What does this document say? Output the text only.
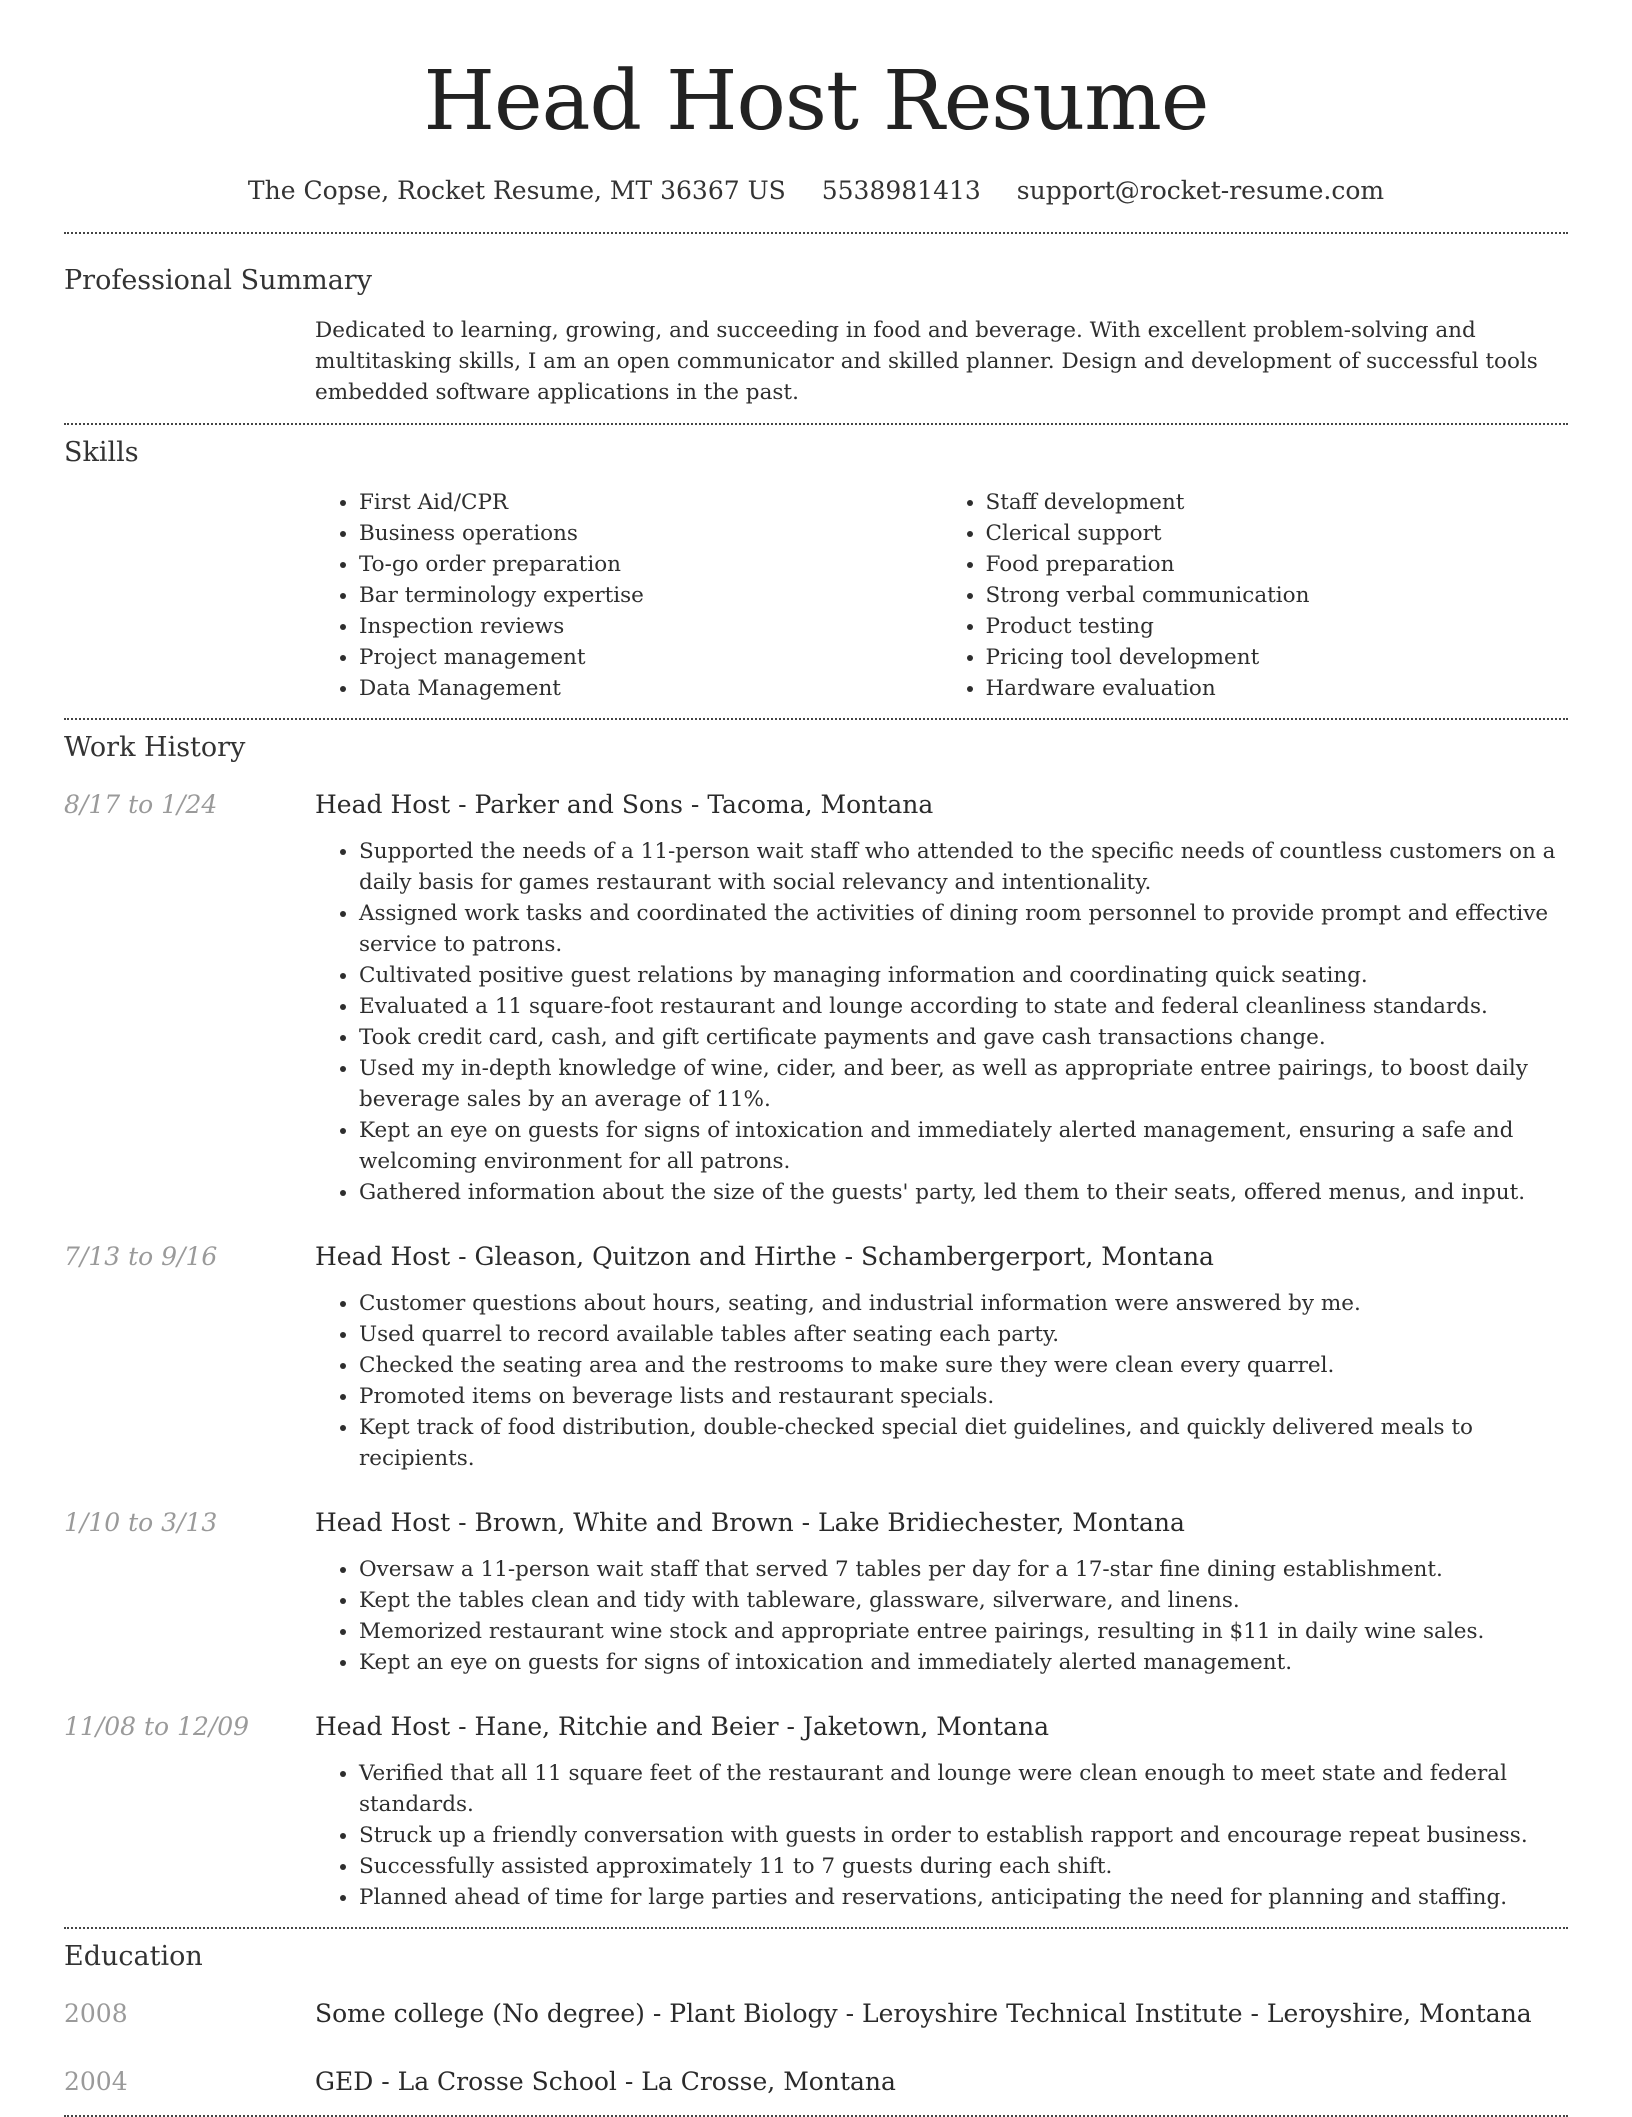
Head Host Resume
The Copse, Rocket Resume, MT 36367 US 5538981413 support@rocket-resume.com
Professional Summary

Dedicated to learning, growing, and succeeding in food and beverage. With excellent problem-solving and multitasking skills, I am an open communicator and skilled planner. Design and development of successful tools embedded software applications in the past.

Skills
• First Aid/CPR
• Business operations
• To-go order preparation
• Bar terminology expertise
• Inspection reviews
• Project management
• Data Management
• Staff development
• Clerical support
• Food preparation
• Strong verbal communication
• Product testing
• Pricing tool development
• Hardware evaluation
Work History
8/17 to 1/24	Head Host - Parker and Sons - Tacoma, Montana
• Supported the needs of a 11-person wait staff who attended to the specific needs of countless customers on a daily basis for games restaurant with social relevancy and intentionality.
• Assigned work tasks and coordinated the activities of dining room personnel to provide prompt and effective service to patrons.
• Cultivated positive guest relations by managing information and coordinating quick seating.
• Evaluated a 11 square-foot restaurant and lounge according to state and federal cleanliness standards.
• Took credit card, cash, and gift certificate payments and gave cash transactions change.
• Used my in-depth knowledge of wine, cider, and beer, as well as appropriate entree pairings, to boost daily beverage sales by an average of 11%.
• Kept an eye on guests for signs of intoxication and immediately alerted management, ensuring a safe and welcoming environment for all patrons.
• Gathered information about the size of the guests' party, led them to their seats, offered menus, and input.
7/13 to 9/16	Head Host - Gleason, Quitzon and Hirthe - Schambergerport, Montana
• Customer questions about hours, seating, and industrial information were answered by me.
• Used quarrel to record available tables after seating each party.
• Checked the seating area and the restrooms to make sure they were clean every quarrel.
• Promoted items on beverage lists and restaurant specials.
• Kept track of food distribution, double-checked special diet guidelines, and quickly delivered meals to recipients.
1/10 to 3/13	Head Host - Brown, White and Brown - Lake Bridiechester, Montana
• Oversaw a 11-person wait staff that served 7 tables per day for a 17-star fine dining establishment.
• Kept the tables clean and tidy with tableware, glassware, silverware, and linens.
• Memorized restaurant wine stock and appropriate entree pairings, resulting in $11 in daily wine sales.
• Kept an eye on guests for signs of intoxication and immediately alerted management.
11/08 to 12/09	Head Host - Hane, Ritchie and Beier - Jaketown, Montana
• Verified that all 11 square feet of the restaurant and lounge were clean enough to meet state and federal standards.
• Struck up a friendly conversation with guests in order to establish rapport and encourage repeat business.
• Successfully assisted approximately 11 to 7 guests during each shift.
• Planned ahead of time for large parties and reservations, anticipating the need for planning and staffing.
Education
2008	Some college (No degree) - Plant Biology - Leroyshire Technical Institute - Leroyshire, Montana
2004	GED - La Crosse School - La Crosse, Montana
